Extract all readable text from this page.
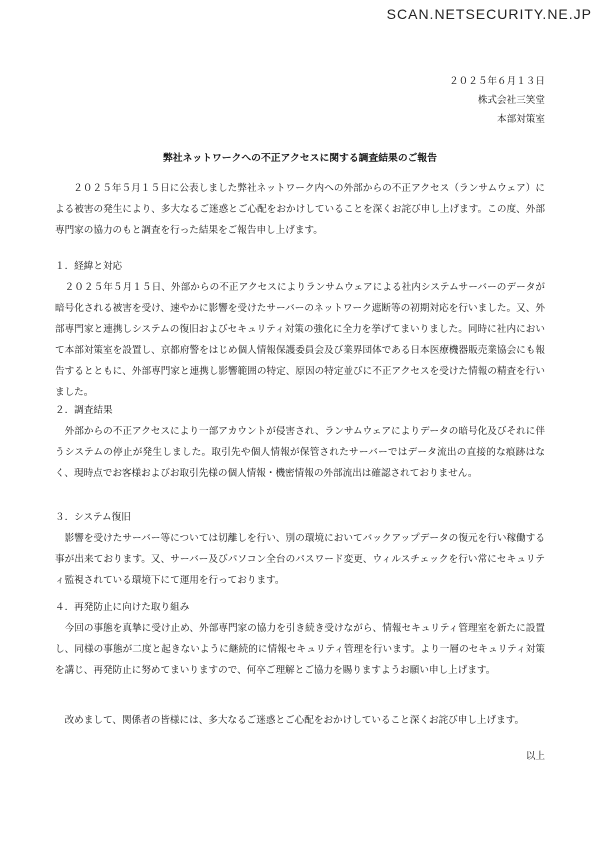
SCAN.NETSECURITY.NE.JP
２０２５年６月１３日
株式会社三笑堂
本部対策室
弊社ネットワークへの不正アクセスに関する調査結果のご報告

２０２５年５月１５日に公表しました弊社ネットワーク内への外部からの不正アクセス（ランサムウェア）による被害の発生により、多大なるご迷惑とご心配をおかけしていることを深くお詫び申し上げます。この度、外部専門家の協力のもと調査を行った結果をご報告申し上げます。

１．経緯と対応

２０２５年５月１５日、外部からの不正アクセスによりランサムウェアによる社内システムサーバーのデータが暗号化される被害を受け、速やかに影響を受けたサーバーのネットワーク遮断等の初期対応を行いました。又、外部専門家と連携しシステムの復旧およびセキュリティ対策の強化に全力を挙げてまいりました。同時に社内において本部対策室を設置し、京都府警をはじめ個人情報保護委員会及び業界団体である日本医療機器販売業協会にも報告するとともに、外部専門家と連携し影響範囲の特定、原因の特定並びに不正アクセスを受けた情報の精査を行いました。

２．調査結果

外部からの不正アクセスにより一部アカウントが侵害され、ランサムウェアによりデータの暗号化及びそれに伴うシステムの停止が発生しました。取引先や個人情報が保管されたサーバーではデータ流出の直接的な痕跡はなく、現時点でお客様およびお取引先様の個人情報・機密情報の外部流出は確認されておりません。

３．システム復旧

影響を受けたサーバー等については切離しを行い、別の環境においてバックアップデータの復元を行い稼働する事が出来ております。又、サーバー及びパソコン全台のパスワード変更、ウィルスチェックを行い常にセキュリティ監視されている環境下にて運用を行っております。

４．再発防止に向けた取り組み

今回の事態を真摯に受け止め、外部専門家の協力を引き続き受けながら、情報セキュリティ管理室を新たに設置し、同様の事態が二度と起きないように継続的に情報セキュリティ管理を行います。より一層のセキュリティ対策を講じ、再発防止に努めてまいりますので、何卒ご理解とご協力を賜りますようお願い申し上げます。

改めまして、関係者の皆様には、多大なるご迷惑とご心配をおかけしていること深くお詫び申し上げます。

以上
